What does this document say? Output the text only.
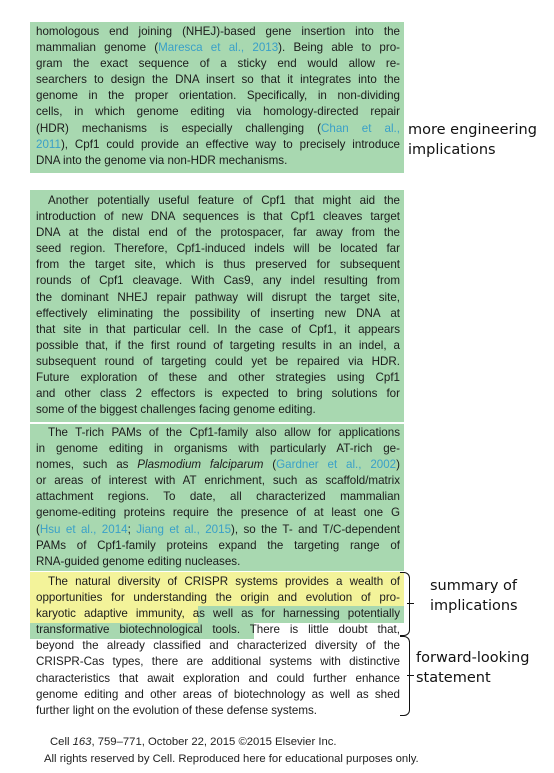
homologous end joining (NHEJ)-based gene insertion into the
mammalian genome (Maresca et al., 2013). Being able to pro-
gram the exact sequence of a sticky end would allow re-
searchers to design the DNA insert so that it integrates into the
genome in the proper orientation. Specifically, in non-dividing
cells, in which genome editing via homology-directed repair
(HDR) mechanisms is especially challenging (Chan et al.,
2011), Cpf1 could provide an effective way to precisely introduce
DNA into the genome via non-HDR mechanisms.
Another potentially useful feature of Cpf1 that might aid the
introduction of new DNA sequences is that Cpf1 cleaves target
DNA at the distal end of the protospacer, far away from the
seed region. Therefore, Cpf1-induced indels will be located far
from the target site, which is thus preserved for subsequent
rounds of Cpf1 cleavage. With Cas9, any indel resulting from
the dominant NHEJ repair pathway will disrupt the target site,
effectively eliminating the possibility of inserting new DNA at
that site in that particular cell. In the case of Cpf1, it appears
possible that, if the first round of targeting results in an indel, a
subsequent round of targeting could yet be repaired via HDR.
Future exploration of these and other strategies using Cpf1
and other class 2 effectors is expected to bring solutions for
some of the biggest challenges facing genome editing.
The T-rich PAMs of the Cpf1-family also allow for applications
in genome editing in organisms with particularly AT-rich ge-
nomes, such as Plasmodium falciparum (Gardner et al., 2002)
or areas of interest with AT enrichment, such as scaffold/matrix
attachment regions. To date, all characterized mammalian
genome-editing proteins require the presence of at least one G
(Hsu et al., 2014; Jiang et al., 2015), so the T- and T/C-dependent
PAMs of Cpf1-family proteins expand the targeting range of
RNA-guided genome editing nucleases.
The natural diversity of CRISPR systems provides a wealth of
opportunities for understanding the origin and evolution of pro-
karyotic adaptive immunity, as well as for harnessing potentially
transformative biotechnological tools. There is little doubt that,
beyond the already classified and characterized diversity of the
CRISPR-Cas types, there are additional systems with distinctive
characteristics that await exploration and could further enhance
genome editing and other areas of biotechnology as well as shed
further light on the evolution of these defense systems.
more engineering
implications
summary of
implications
forward-looking
statement
Cell 163, 759–771, October 22, 2015 ©2015 Elsevier Inc.
All rights reserved by Cell. Reproduced here for educational purposes only.
